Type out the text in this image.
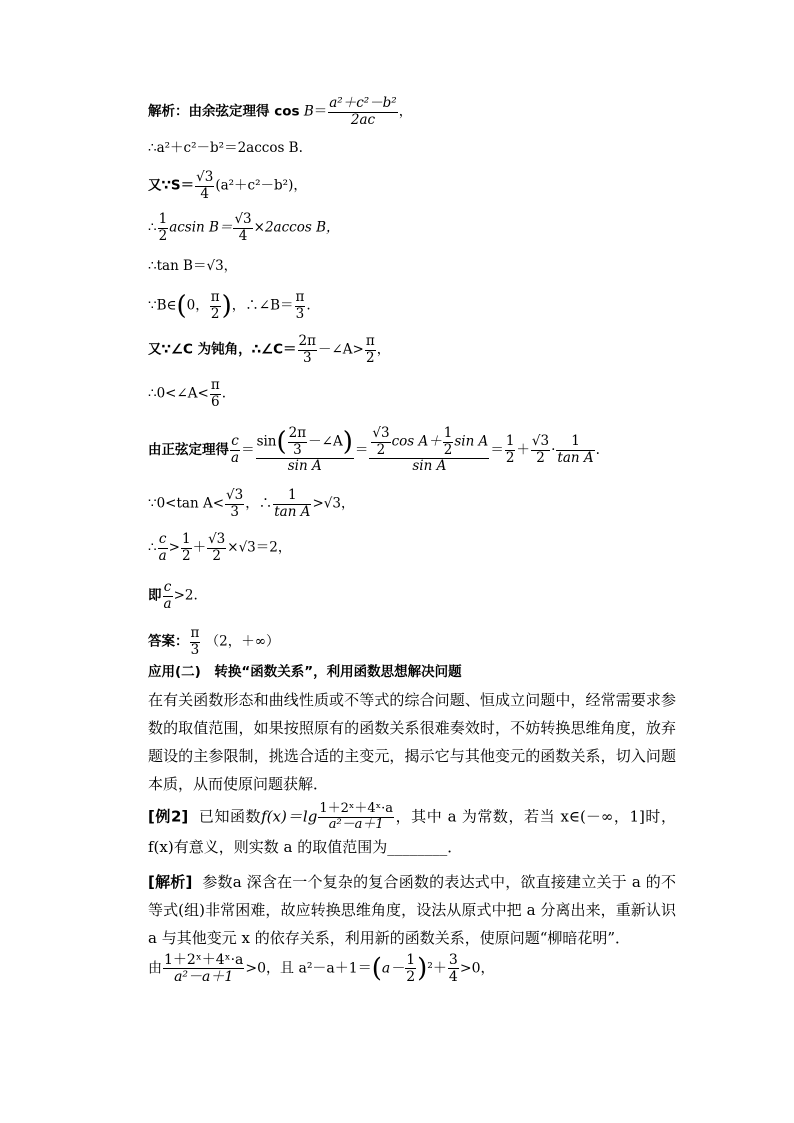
解析：由余弦定理得 $\cos B= \frac{\text{a²＋c²－b²}}{2ac}$ ，
∴a²＋c²－b²＝2accos B.
又∵S＝ $\frac{√3}{4} (a^2+c^2-b^2)$，
∴ $\frac{1}{2}$ acsin $B= \frac{√3}{4} \times 2accos$ B，
∴tan B＝√3，
∵B∈(0， $\frac{\pi}{2}$ )，∴∠B＝ $\frac{\pi}{3}$ .
又∵∠C 为钝角，∴∠C＝ $\frac{2\pi}{3}$ －∠A> $\frac{\pi}{2}$ ，
∴0<∠A< $\frac{\pi}{6}$ .
由正弦定理得 $\frac{c}{a} = \frac{\sin( \frac{2\pi}{3} -\angle A)}{\text{sin A}} = \frac{\frac{√3}{2} \cos A+ \frac{1}{2} \sin A}{\text{sin A}} = \frac{1}{2} + \frac{√3}{2} \cdot \frac{1}{\text{tan A}}$ .
∵0<tan $A< \frac{√3}{3}$ ，∴ $\frac{1}{\text{tan A}} >√3$，
∴ $\frac{c}{a} > \frac{1}{2} + \frac{√3}{2} \times√3=2$，
即 $\frac{c}{a} >2$.
答案： $\frac{\pi}{3} (2$，＋∞）
应用(二)　转换“函数关系”，利用函数思想解决问题
在有关函数形态和曲线性质或不等式的综合问题、恒成立问题中，经常需要求参数的取值范围，如果按照原有的函数关系很难奏效时，不妨转换思维角度，放弃题设的主参限制，挑选合适的主变元，揭示它与其他变元的函数关系，切入问题本质，从而使原问题获解．
[例2] 已知函数$f(x)=\lg \frac{\text{1＋2ˣ＋4ˣ·a}}{\text{a²－a＋1}}$ ，其中 a 为常数，若当 x∈(－∞，1]时，f(x)有意义，则实数 a 的取值范围为________．
[解析] 参数a 深含在一个复杂的复合函数的表达式中，欲直接建立关于 a 的不等式(组)非常困难，故应转换思维角度，设法从原式中把 a 分离出来，重新认识 a 与其他变元 x 的依存关系，利用新的函数关系，使原问题“柳暗花明”．
由 $\frac{\text{1＋2ˣ＋4ˣ·a}}{\text{a²－a＋1}} >0$，且 $a^2-a+1=(a- \frac{1}{2} )^2+ \frac{3}{4} >0$，
